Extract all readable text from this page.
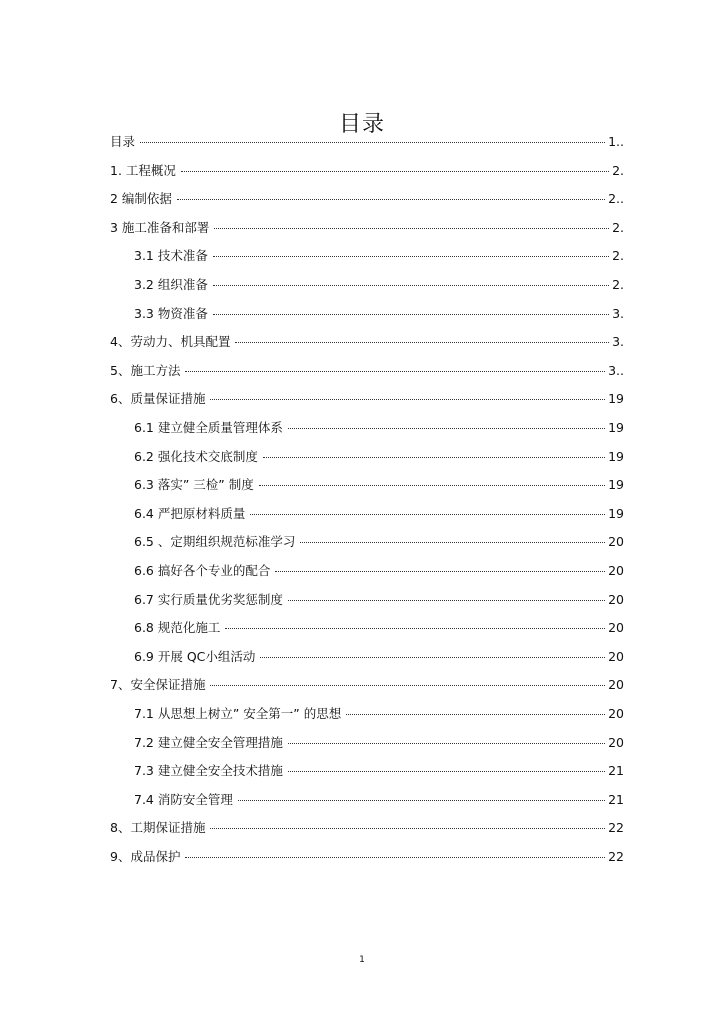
目录
目录	1..
1. 工程概况	2.
2 编制依据	2..
3 施工准备和部署	2.
3.1 技术准备	2.
3.2 组织准备	2.
3.3 物资准备	3.
4、劳动力、机具配置	3.
5、施工方法	3..
6、质量保证措施	19
6.1 建立健全质量管理体系	19
6.2 强化技术交底制度	19
6.3 落实” 三检” 制度	19
6.4 严把原材料质量	19
6.5 、定期组织规范标准学习	20
6.6 搞好各个专业的配合	20
6.7 实行质量优劣奖惩制度	20
6.8 规范化施工	20
6.9 开展 QC小组活动	20
7、安全保证措施	20
7.1 从思想上树立” 安全第一” 的思想	20
7.2 建立健全安全管理措施	20
7.3 建立健全安全技术措施	21
7.4 消防安全管理	21
8、工期保证措施	22
9、成品保护	22
1
